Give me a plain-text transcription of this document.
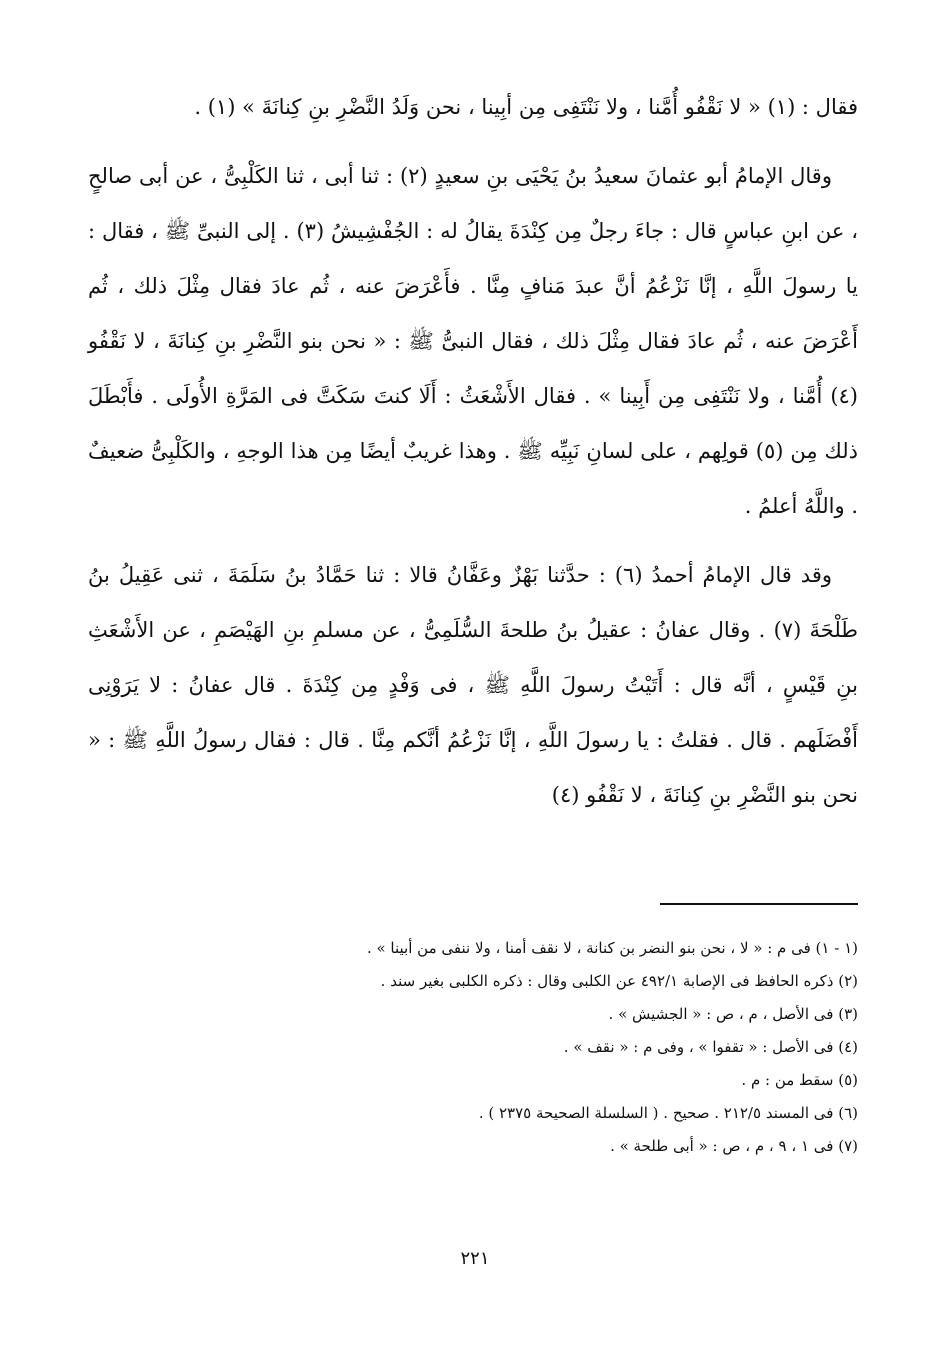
فقال : (١) « لا نَقْفُو أُمَّنا ، ولا نَنْتَفِى مِن أبِينا ، نحن وَلَدُ النَّضْرِ بنِ كِنانَةَ » (١) .

وقال الإمامُ أبو عثمانَ سعيدُ بنُ يَحْيَى بنِ سعيدٍ (٢) : ثنا أبى ، ثنا الكَلْبِىُّ ، عن أبى صالحٍ ، عن ابنِ عباسٍ قال : جاءَ رجلٌ مِن كِنْدَةَ يقالُ له : الجُفْشِيشُ (٣) . إلى النبىِّ ﷺ ، فقال : يا رسولَ اللَّهِ ، إنَّا نَزْعُمُ أنَّ عبدَ مَنافٍ مِنَّا . فأَعْرَضَ عنه ، ثُم عادَ فقال مِثْلَ ذلك ، ثُم أَعْرَضَ عنه ، ثُم عادَ فقال مِثْلَ ذلك ، فقال النبىُّ ﷺ : « نحن بنو النَّضْرِ بنِ كِنانَةَ ، لا نَقْفُو (٤) أُمَّنا ، ولا نَنْتَفِى مِن أَبِينا » . فقال الأَشْعَثُ : أَلَا كنتَ سَكَتَّ فى المَرَّةِ الأُولَى . فأَبْطَلَ ذلك مِن (٥) قولِهم ، على لسانِ نَبِيِّه ﷺ . وهذا غريبٌ أيضًا مِن هذا الوجهِ ، والكَلْبِىُّ ضعيفٌ . واللَّهُ أعلمُ .

وقد قال الإمامُ أحمدُ (٦) : حدَّثنا بَهْزٌ وعَفَّانُ قالا : ثنا حَمَّادُ بنُ سَلَمَةَ ، ثنى عَقِيلُ بنُ طَلْحَةَ (٧) . وقال عفانُ : عقيلُ بنُ طلحةَ السُّلَمِىُّ ، عن مسلمِ بنِ الهَيْصَمِ ، عن الأَشْعَثِ بنِ قَيْسٍ ، أنَّه قال : أَتَيْتُ رسولَ اللَّهِ ﷺ ، فى وَفْدٍ مِن كِنْدَةَ . قال عفانُ : لا يَرَوْنِى أَفْضَلَهم . قال . فقلتُ : يا رسولَ اللَّهِ ، إنَّا نَزْعُمُ أنَّكم مِنَّا . قال : فقال رسولُ اللَّهِ ﷺ : « نحن بنو النَّضْرِ بنِ كِنانَةَ ، لا نَقْفُو (٤)

(١ - ١) فى م : « لا ، نحن بنو النضر بن كنانة ، لا نقف أمنا ، ولا ننفى من أبينا » .
(٢) ذكره الحافظ فى الإصابة ٤٩٢/١ عن الكلبى وقال : ذكره الكلبى بغير سند .
(٣) فى الأصل ، م ، ص : « الجشيش » .
(٤) فى الأصل : « تقفوا » ، وفى م : « نقف » .
(٥) سقط من : م .
(٦) فى المسند ٢١٢/٥ . صحيح . ( السلسلة الصحيحة ٢٣٧٥ ) .
(٧) فى ١ ، ٩ ، م ، ص : « أبى طلحة » .
٢٢١
